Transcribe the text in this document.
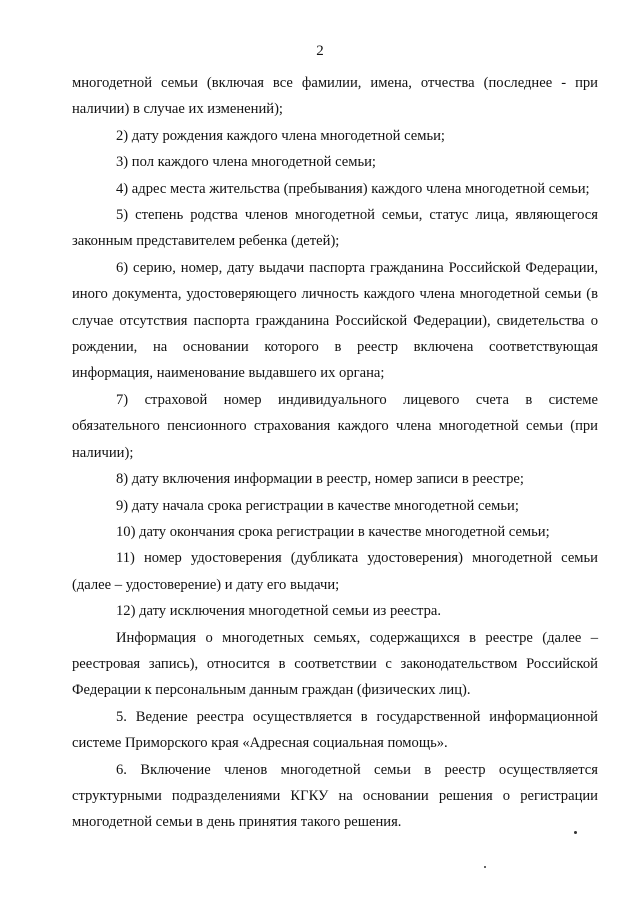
2

многодетной семьи (включая все фамилии, имена, отчества (последнее - при наличии) в случае их изменений);

2) дату рождения каждого члена многодетной семьи;

3) пол каждого члена многодетной семьи;

4) адрес места жительства (пребывания) каждого члена многодетной семьи;

5) степень родства членов многодетной семьи, статус лица, являющегося законным представителем ребенка (детей);

6) серию, номер, дату выдачи паспорта гражданина Российской Федерации, иного документа, удостоверяющего личность каждого члена многодетной семьи (в случае отсутствия паспорта гражданина Российской Федерации), свидетельства о рождении, на основании которого в реестр включена соответствующая информация, наименование выдавшего их органа;

7) страховой номер индивидуального лицевого счета в системе обязательного пенсионного страхования каждого члена многодетной семьи (при наличии);

8) дату включения информации в реестр, номер записи в реестре;

9) дату начала срока регистрации в качестве многодетной семьи;

10) дату окончания срока регистрации в качестве многодетной семьи;

11) номер удостоверения (дубликата удостоверения) многодетной семьи (далее – удостоверение) и дату его выдачи;

12) дату исключения многодетной семьи из реестра.

Информация о многодетных семьях, содержащихся в реестре (далее – реестровая запись), относится в соответствии с законодательством Российской Федерации к персональным данным граждан (физических лиц).

5. Ведение реестра осуществляется в государственной информационной системе Приморского края «Адресная социальная помощь».

6. Включение членов многодетной семьи в реестр осуществляется структурными подразделениями КГКУ на основании решения о регистрации многодетной семьи в день принятия такого решения.
